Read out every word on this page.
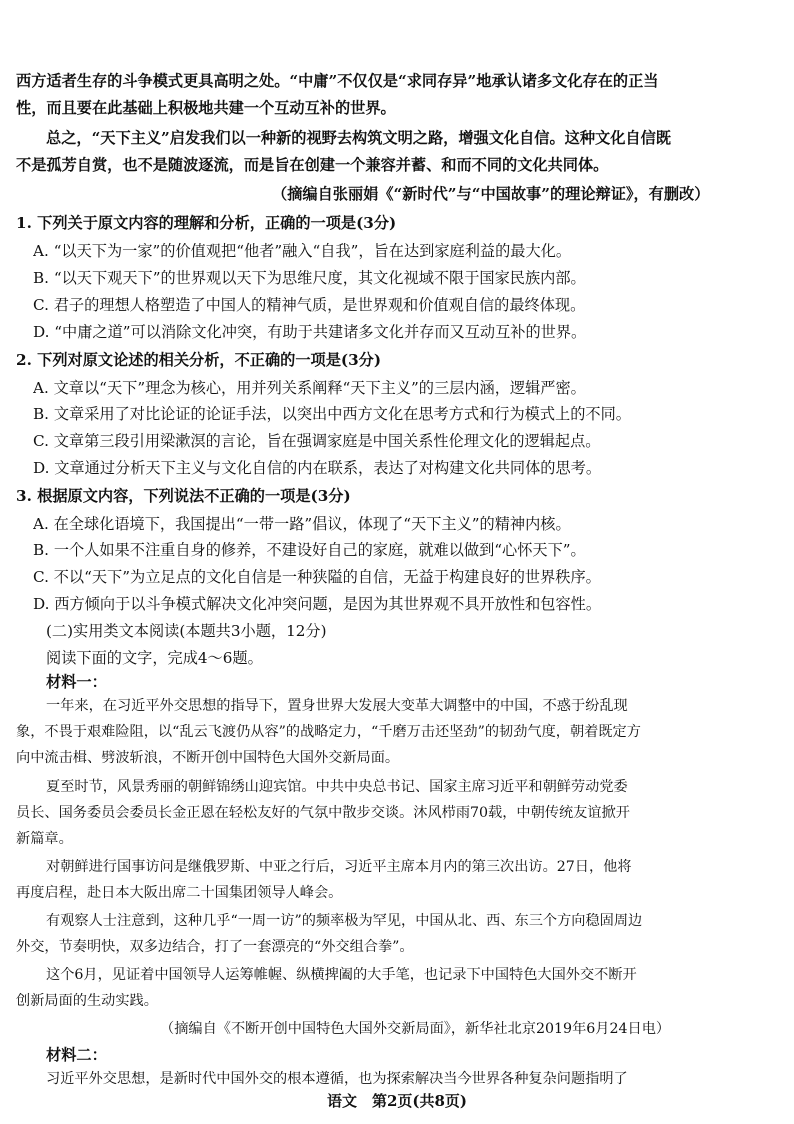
西方适者生存的斗争模式更具高明之处。“中庸”不仅仅是“求同存异”地承认诸多文化存在的正当
性，而且要在此基础上积极地共建一个互动互补的世界。
总之，“天下主义”启发我们以一种新的视野去构筑文明之路，增强文化自信。这种文化自信既
不是孤芳自赏，也不是随波逐流，而是旨在创建一个兼容并蓄、和而不同的文化共同体。
（摘编自张丽娟《“新时代”与“中国故事”的理论辩证》，有删改）
1. 下列关于原文内容的理解和分析，正确的一项是(3分)
A. “以天下为一家”的价值观把“他者”融入“自我”，旨在达到家庭利益的最大化。
B. “以天下观天下”的世界观以天下为思维尺度，其文化视域不限于国家民族内部。
C. 君子的理想人格塑造了中国人的精神气质，是世界观和价值观自信的最终体现。
D. “中庸之道”可以消除文化冲突，有助于共建诸多文化并存而又互动互补的世界。
2. 下列对原文论述的相关分析，不正确的一项是(3分)
A. 文章以“天下”理念为核心，用并列关系阐释“天下主义”的三层内涵，逻辑严密。
B. 文章采用了对比论证的论证手法，以突出中西方文化在思考方式和行为模式上的不同。
C. 文章第三段引用梁漱溟的言论，旨在强调家庭是中国关系性伦理文化的逻辑起点。
D. 文章通过分析天下主义与文化自信的内在联系，表达了对构建文化共同体的思考。
3. 根据原文内容，下列说法不正确的一项是(3分)
A. 在全球化语境下，我国提出“一带一路”倡议，体现了“天下主义”的精神内核。
B. 一个人如果不注重自身的修养，不建设好自己的家庭，就难以做到“心怀天下”。
C. 不以“天下”为立足点的文化自信是一种狭隘的自信，无益于构建良好的世界秩序。
D. 西方倾向于以斗争模式解决文化冲突问题，是因为其世界观不具开放性和包容性。
(二)实用类文本阅读(本题共3小题，12分)
阅读下面的文字，完成4～6题。
材料一：
一年来，在习近平外交思想的指导下，置身世界大发展大变革大调整中的中国，不惑于纷乱现
象，不畏于艰难险阻，以“乱云飞渡仍从容”的战略定力，“千磨万击还坚劲”的韧劲气度，朝着既定方
向中流击楫、劈波斩浪，不断开创中国特色大国外交新局面。
夏至时节，风景秀丽的朝鲜锦绣山迎宾馆。中共中央总书记、国家主席习近平和朝鲜劳动党委
员长、国务委员会委员长金正恩在轻松友好的气氛中散步交谈。沐风栉雨70载，中朝传统友谊掀开
新篇章。
对朝鲜进行国事访问是继俄罗斯、中亚之行后，习近平主席本月内的第三次出访。27日，他将
再度启程，赴日本大阪出席二十国集团领导人峰会。
有观察人士注意到，这种几乎“一周一访”的频率极为罕见，中国从北、西、东三个方向稳固周边
外交，节奏明快，双多边结合，打了一套漂亮的“外交组合拳”。
这个6月，见证着中国领导人运筹帷幄、纵横捭阖的大手笔，也记录下中国特色大国外交不断开
创新局面的生动实践。
（摘编自《不断开创中国特色大国外交新局面》，新华社北京2019年6月24日电）
材料二：
习近平外交思想，是新时代中国外交的根本遵循，也为探索解决当今世界各种复杂问题指明了
语文　第2页(共8页)
